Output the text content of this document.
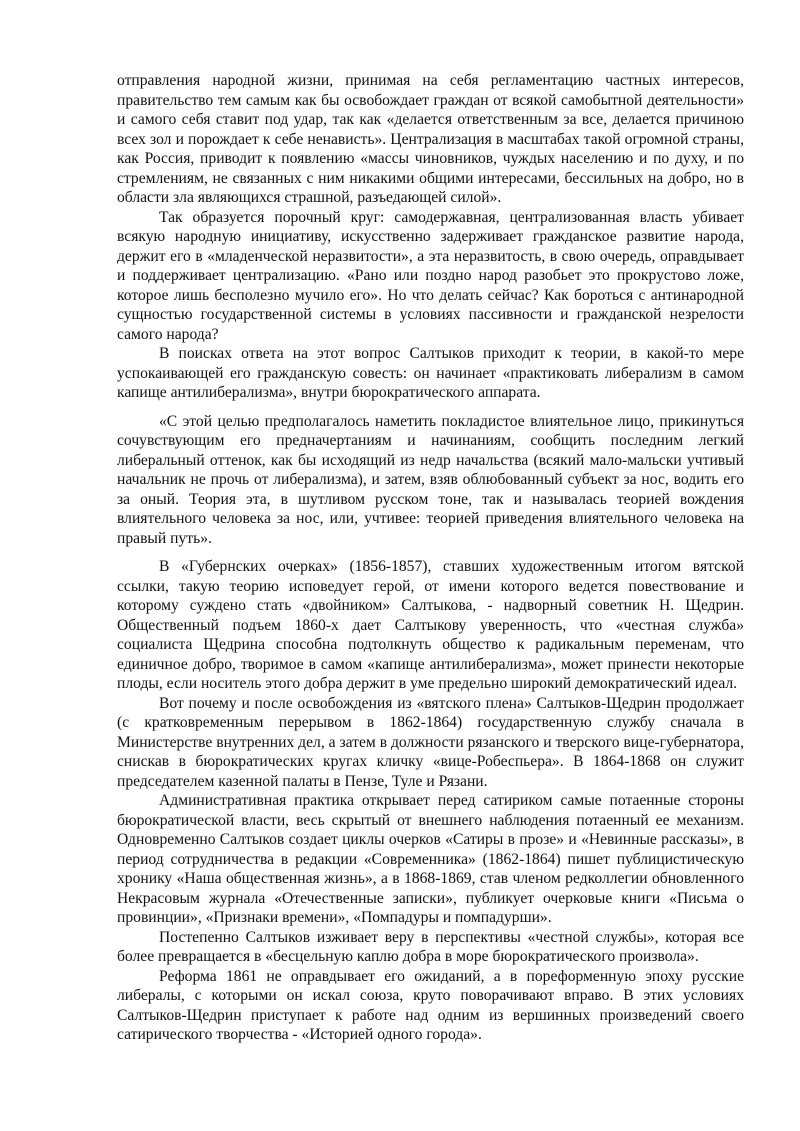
отправления народной жизни, принимая на себя регламентацию частных интересов, правительство тем самым как бы освобождает граждан от всякой самобытной деятельности» и самого себя ставит под удар, так как «делается ответственным за все, делается причиною всех зол и порождает к себе ненависть». Централизация в масштабах такой огромной страны, как Россия, приводит к появлению «массы чиновников, чуждых населению и по духу, и по стремлениям, не связанных с ним никакими общими интересами, бессильных на добро, но в области зла являющихся страшной, разъедающей силой».

Так образуется порочный круг: самодержавная, централизованная власть убивает всякую народную инициативу, искусственно задерживает гражданское развитие народа, держит его в «младенческой неразвитости», а эта неразвитость, в свою очередь, оправдывает и поддерживает централизацию. «Рано или поздно народ разобьет это прокрустово ложе, которое лишь бесполезно мучило его». Но что делать сейчас? Как бороться с антинародной сущностью государственной системы в условиях пассивности и гражданской незрелости самого народа?

В поисках ответа на этот вопрос Салтыков приходит к теории, в какой-то мере успокаивающей его гражданскую совесть: он начинает «практиковать либерализм в самом капище антилиберализма», внутри бюрократического аппарата.

«С этой целью предполагалось наметить покладистое влиятельное лицо, прикинуться сочувствующим его предначертаниям и начинаниям, сообщить последним легкий либеральный оттенок, как бы исходящий из недр начальства (всякий мало-мальски учтивый начальник не прочь от либерализма), и затем, взяв облюбованный субъект за нос, водить его за оный. Теория эта, в шутливом русском тоне, так и называлась теорией вождения влиятельного человека за нос, или, учтивее: теорией приведения влиятельного человека на правый путь».

В «Губернских очерках» (1856-1857), ставших художественным итогом вятской ссылки, такую теорию исповедует герой, от имени которого ведется повествование и которому суждено стать «двойником» Салтыкова, - надворный советник Н. Щедрин. Общественный подъем 1860-х дает Салтыкову уверенность, что «честная служба» социалиста Щедрина способна подтолкнуть общество к радикальным переменам, что единичное добро, творимое в самом «капище антилиберализма», может принести некоторые плоды, если носитель этого добра держит в уме предельно широкий демократический идеал.

Вот почему и после освобождения из «вятского плена» Салтыков-Щедрин продолжает (с кратковременным перерывом в 1862-1864) государственную службу сначала в Министерстве внутренних дел, а затем в должности рязанского и тверского вице-губернатора, снискав в бюрократических кругах кличку «вице-Робеспьера». В 1864-1868 он служит председателем казенной палаты в Пензе, Туле и Рязани.

Административная практика открывает перед сатириком самые потаенные стороны бюрократической власти, весь скрытый от внешнего наблюдения потаенный ее механизм. Одновременно Салтыков создает циклы очерков «Сатиры в прозе» и «Невинные рассказы», в период сотрудничества в редакции «Современника» (1862-1864) пишет публицистическую хронику «Наша общественная жизнь», а в 1868-1869, став членом редколлегии обновленного Некрасовым журнала «Отечественные записки», публикует очерковые книги «Письма о провинции», «Признаки времени», «Помпадуры и помпадурши».

Постепенно Салтыков изживает веру в перспективы «честной службы», которая все более превращается в «бесцельную каплю добра в море бюрократического произвола».

Реформа 1861 не оправдывает его ожиданий, а в пореформенную эпоху русские либералы, с которыми он искал союза, круто поворачивают вправо. В этих условиях Салтыков-Щедрин приступает к работе над одним из вершинных произведений своего сатирического творчества - «Историей одного города».
